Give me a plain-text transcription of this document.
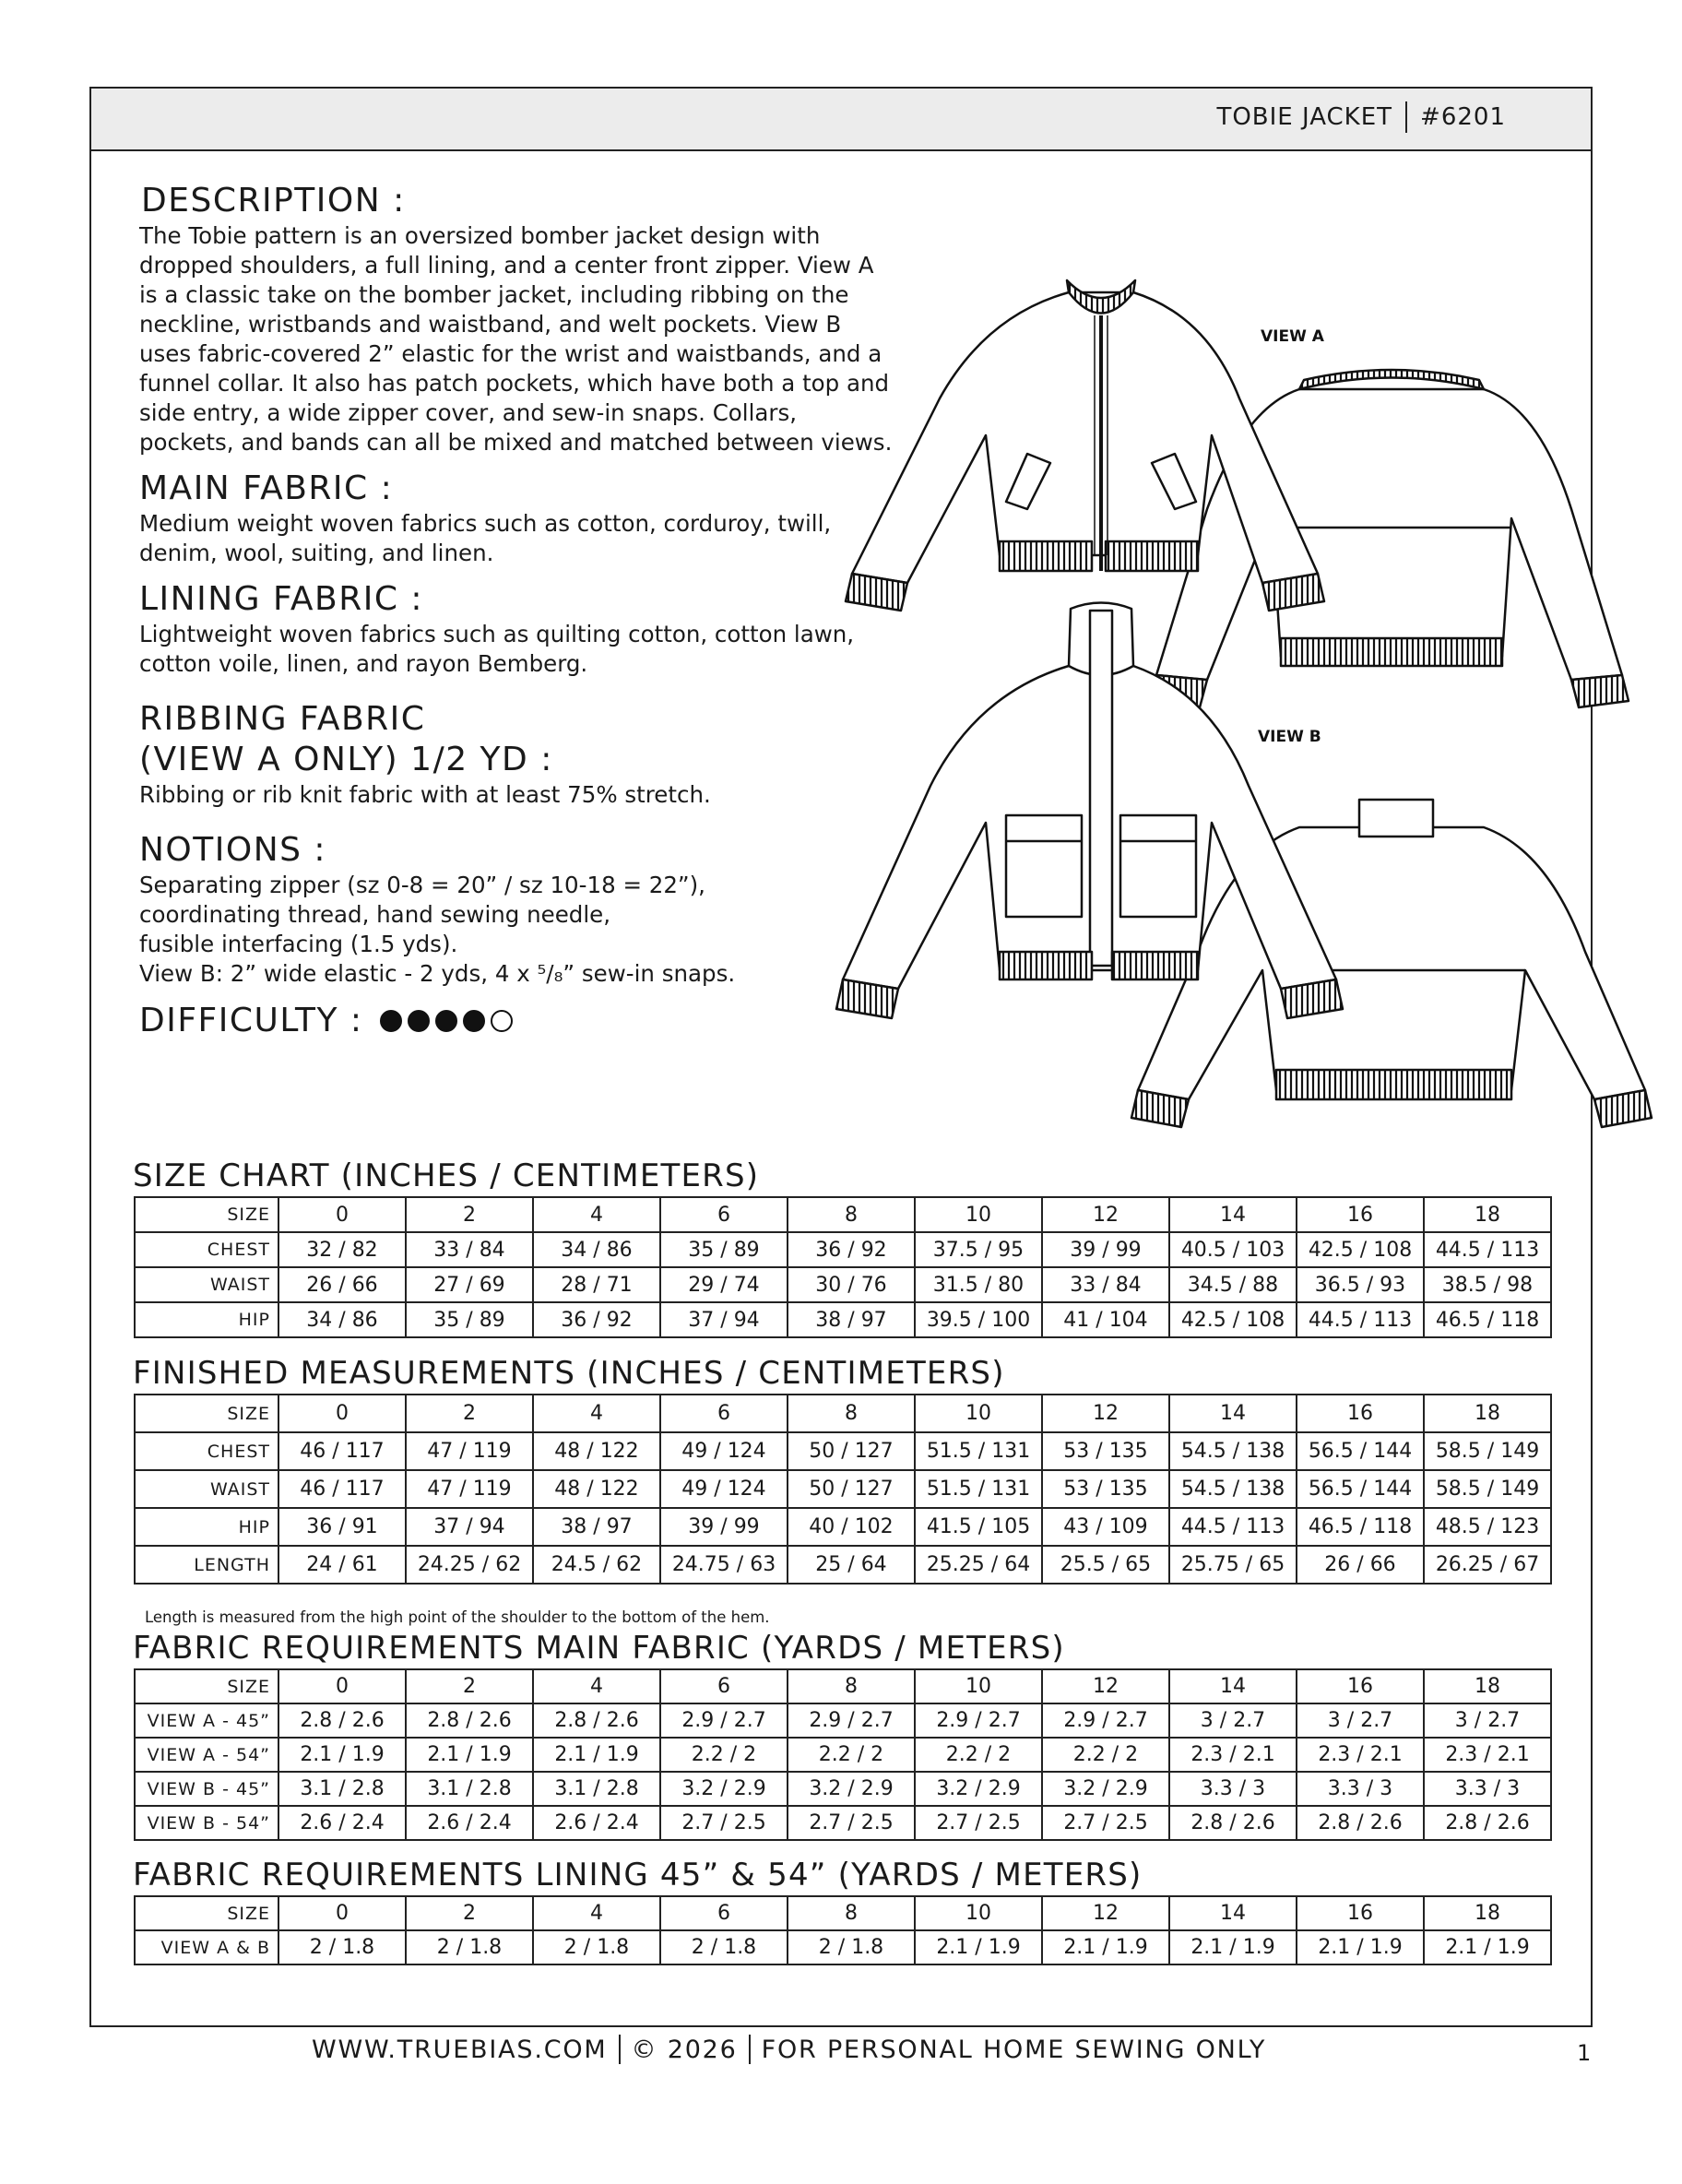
TOBIE JACKET #6201
DESCRIPTION :

The Tobie pattern is an oversized bomber jacket design with dropped shoulders, a full lining, and a center front zipper. View A is a classic take on the bomber jacket, including ribbing on the neckline, wristbands and waistband, and welt pockets. View B uses fabric-covered 2” elastic for the wrist and waistbands, and a funnel collar. It also has patch pockets, which have both a top and side entry, a wide zipper cover, and sew-in snaps. Collars, pockets, and bands can all be mixed and matched between views.

MAIN FABRIC :

Medium weight woven fabrics such as cotton, corduroy, twill, denim, wool, suiting, and linen.

LINING FABRIC :

Lightweight woven fabrics such as quilting cotton, cotton lawn, cotton voile, linen, and rayon Bemberg.

RIBBING FABRIC
(VIEW A ONLY) 1/2 YD :

Ribbing or rib knit fabric with at least 75% stretch.

NOTIONS :
Separating zipper (sz 0-8 = 20” / sz 10-18 = 22”),
coordinating thread, hand sewing needle,
fusible interfacing (1.5 yds).
View B: 2” wide elastic - 2 yds, 4 x ⁵/₈” sew-in snaps.
DIFFICULTY :
VIEW A
VIEW B
SIZE CHART (INCHES / CENTIMETERS)
SIZE	0	2	4	6	8	10	12	14	16	18
CHEST	32 / 82	33 / 84	34 / 86	35 / 89	36 / 92	37.5 / 95	39 / 99	40.5 / 103	42.5 / 108	44.5 / 113
WAIST	26 / 66	27 / 69	28 / 71	29 / 74	30 / 76	31.5 / 80	33 / 84	34.5 / 88	36.5 / 93	38.5 / 98
HIP	34 / 86	35 / 89	36 / 92	37 / 94	38 / 97	39.5 / 100	41 / 104	42.5 / 108	44.5 / 113	46.5 / 118
FINISHED MEASUREMENTS (INCHES / CENTIMETERS)
SIZE	0	2	4	6	8	10	12	14	16	18
CHEST	46 / 117	47 / 119	48 / 122	49 / 124	50 / 127	51.5 / 131	53 / 135	54.5 / 138	56.5 / 144	58.5 / 149
WAIST	46 / 117	47 / 119	48 / 122	49 / 124	50 / 127	51.5 / 131	53 / 135	54.5 / 138	56.5 / 144	58.5 / 149
HIP	36 / 91	37 / 94	38 / 97	39 / 99	40 / 102	41.5 / 105	43 / 109	44.5 / 113	46.5 / 118	48.5 / 123
LENGTH	24 / 61	24.25 / 62	24.5 / 62	24.75 / 63	25 / 64	25.25 / 64	25.5 / 65	25.75 / 65	26 / 66	26.25 / 67
Length is measured from the high point of the shoulder to the bottom of the hem.
FABRIC REQUIREMENTS MAIN FABRIC (YARDS / METERS)
SIZE	0	2	4	6	8	10	12	14	16	18
VIEW A - 45”	2.8 / 2.6	2.8 / 2.6	2.8 / 2.6	2.9 / 2.7	2.9 / 2.7	2.9 / 2.7	2.9 / 2.7	3 / 2.7	3 / 2.7	3 / 2.7
VIEW A - 54”	2.1 / 1.9	2.1 / 1.9	2.1 / 1.9	2.2 / 2	2.2 / 2	2.2 / 2	2.2 / 2	2.3 / 2.1	2.3 / 2.1	2.3 / 2.1
VIEW B - 45”	3.1 / 2.8	3.1 / 2.8	3.1 / 2.8	3.2 / 2.9	3.2 / 2.9	3.2 / 2.9	3.2 / 2.9	3.3 / 3	3.3 / 3	3.3 / 3
VIEW B - 54”	2.6 / 2.4	2.6 / 2.4	2.6 / 2.4	2.7 / 2.5	2.7 / 2.5	2.7 / 2.5	2.7 / 2.5	2.8 / 2.6	2.8 / 2.6	2.8 / 2.6
FABRIC REQUIREMENTS LINING 45” & 54” (YARDS / METERS)
SIZE	0	2	4	6	8	10	12	14	16	18
VIEW A & B	2 / 1.8	2 / 1.8	2 / 1.8	2 / 1.8	2 / 1.8	2.1 / 1.9	2.1 / 1.9	2.1 / 1.9	2.1 / 1.9	2.1 / 1.9
WWW.TRUEBIAS.COM © 2026 FOR PERSONAL HOME SEWING ONLY	1
